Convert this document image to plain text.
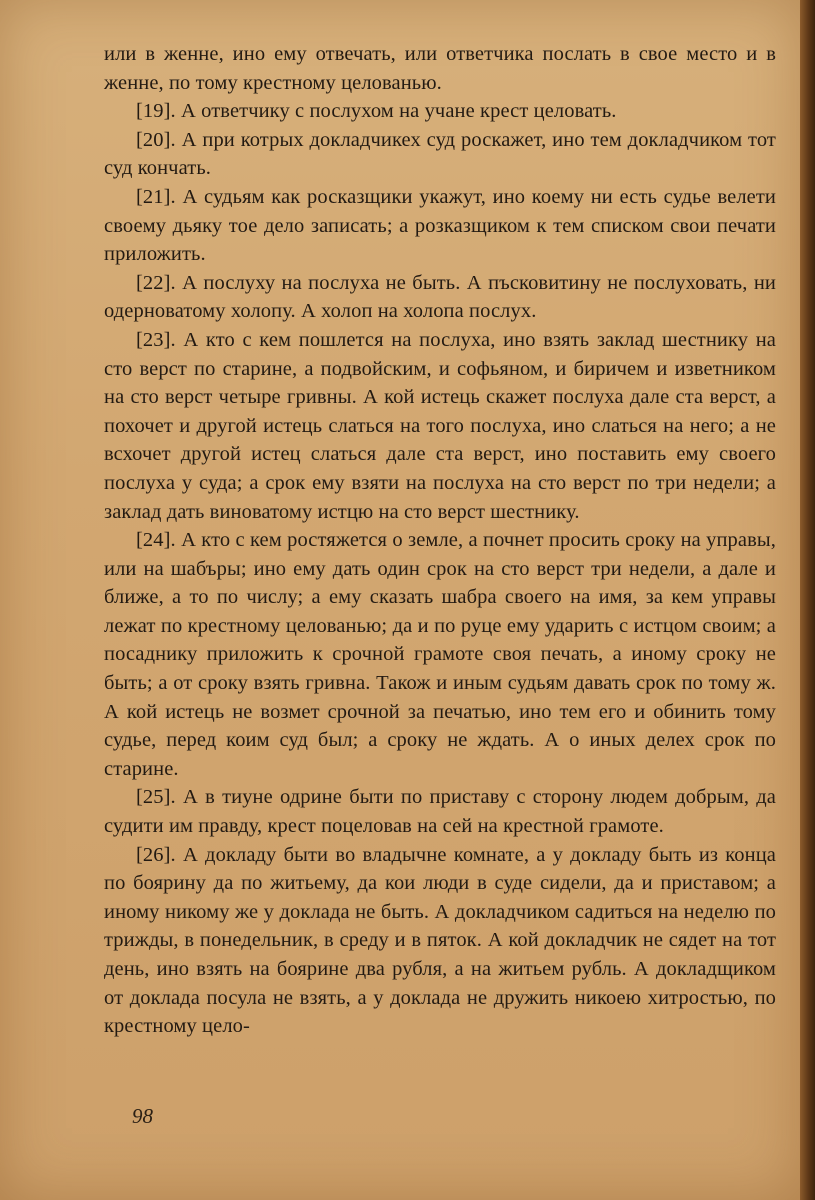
или в женне, ино ему отвечать, или ответчика послать в свое место и в женне, по тому крестному целованью.

[19]. А ответчику с послухом на учане крест целовать.

[20]. А при котрых докладчикех суд роскажет, ино тем докладчиком тот суд кончать.

[21]. А судьям как росказщики укажут, ино коему ни есть судье велети своему дьяку тое дело записать; а розказщиком к тем списком свои печати приложить.

[22]. А послуху на послуха не быть. А пъсковитину не послуховать, ни одерноватому холопу. А холоп на холопа послух.

[23]. А кто с кем пошлется на послуха, ино взять заклад шестнику на сто верст по старине, а подвойским, и софьяном, и биричем и изветником на сто верст четыре гривны. А кой истець скажет послуха дале ста верст, а похочет и другой истець слаться на того послуха, ино слаться на него; а не всхочет другой истец слаться дале ста верст, ино поставить ему своего послуха у суда; а срок ему взяти на послуха на сто верст по три недели; а заклад дать виноватому истцю на сто верст шестнику.

[24]. А кто с кем ростяжется о земле, а почнет просить сроку на управы, или на шабъры; ино ему дать один срок на сто верст три недели, а дале и ближе, а то по числу; а ему сказать шабра своего на имя, за кем управы лежат по крестному целованью; да и по руце ему ударить с истцом своим; а посаднику приложить к срочной грамоте своя печать, а иному сроку не быть; а от сроку взять гривна. Також и иным судьям давать срок по тому ж. А кой истець не возмет срочной за печатью, ино тем его и обинить тому судье, перед коим суд был; а сроку не ждать. А о иных делех срок по старине.

[25]. А в тиуне одрине быти по приставу с сторону людем добрым, да судити им правду, крест поцеловав на сей на крестной грамоте.

[26]. А докладу быти во владычне комнате, а у докладу быть из конца по боярину да по житьему, да кои люди в суде сидели, да и приставом; а иному никому же у доклада не быть. А докладчиком садиться на неделю по трижды, в понедельник, в среду и в пяток. А кой докладчик не сядет на тот день, ино взять на боярине два рубля, а на житьем рубль. А докладщиком от доклада посула не взять, а у доклада не дружить никоею хитростью, по крестному цело-

98
